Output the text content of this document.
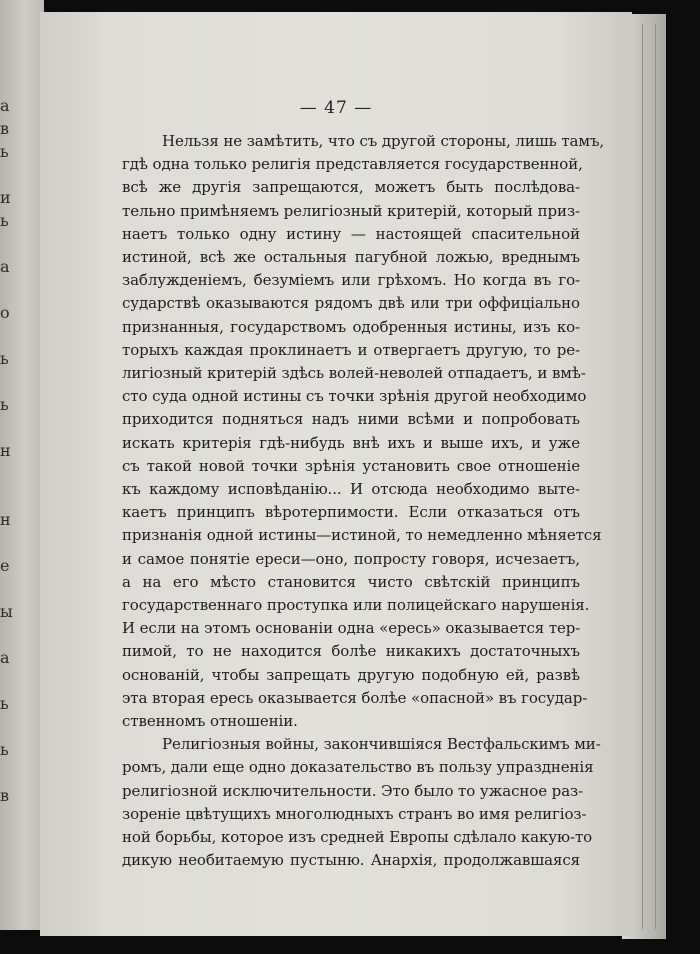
а
в
ь
и
ь
а
о
ь
ь
н
н
е
ы
а
ь
ь
в
— 47 —
Нельзя не замѣтить, что съ другой стороны, лишь тамъ,
гдѣ одна только религія представляется государственной,
всѣ же другія запрещаются, можетъ быть послѣдова-
тельно примѣняемъ религіозный критерій, который приз-
наетъ только одну истину — настоящей спасительной
истиной, всѣ же остальныя пагубной ложью, вреднымъ
заблужденіемъ, безуміемъ или грѣхомъ. Но когда въ го-
сударствѣ оказываются рядомъ двѣ или три оффиціально
признанныя, государствомъ одобренныя истины, изъ ко-
торыхъ каждая проклинаетъ и отвергаетъ другую, то ре-
лигіозный критерій здѣсь волей-неволей отпадаетъ, и вмѣ-
сто суда одной истины съ точки зрѣнія другой необходимо
приходится подняться надъ ними всѣми и попробовать
искать критерія гдѣ-нибудь внѣ ихъ и выше ихъ, и уже
съ такой новой точки зрѣнія установить свое отношеніе
къ каждому исповѣданію... И отсюда необходимо выте-
каетъ принципъ вѣротерпимости. Если отказаться отъ
признанія одной истины—истиной, то немедленно мѣняется
и самое понятіе ереси—оно, попросту говоря, исчезаетъ,
а на его мѣсто становится чисто свѣтскій принципъ
государственнаго проступка или полицейскаго нарушенія.
И если на этомъ основаніи одна «ересь» оказывается тер-
пимой, то не находится болѣе никакихъ достаточныхъ
основаній, чтобы запрещать другую подобную ей, развѣ
эта вторая ересь оказывается болѣе «опасной» въ государ-
ственномъ отношеніи.
Религіозныя войны, закончившіяся Вестфальскимъ ми-
ромъ, дали еще одно доказательство въ пользу упраздненія
религіозной исключительности. Это было то ужасное раз-
зореніе цвѣтущихъ многолюдныхъ странъ во имя религіоз-
ной борьбы, которое изъ средней Европы сдѣлало какую-то
дикую необитаемую пустыню. Анархія, продолжавшаяся
